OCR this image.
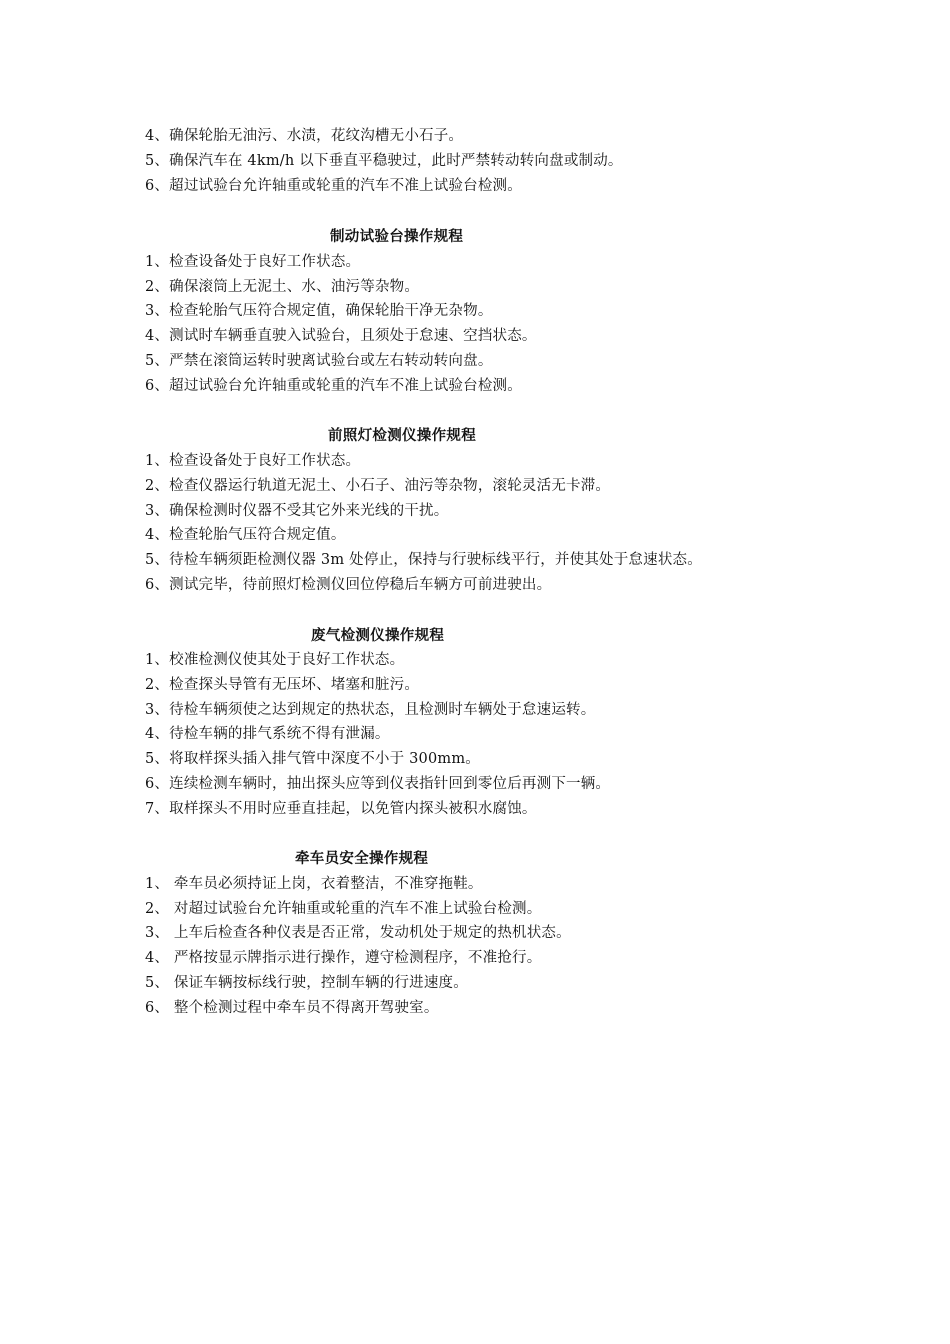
4、确保轮胎无油污、水渍，花纹沟槽无小石子。
5、确保汽车在 4km/h 以下垂直平稳驶过，此时严禁转动转向盘或制动。
6、超过试验台允许轴重或轮重的汽车不准上试验台检测。
制动试验台操作规程
1、检查设备处于良好工作状态。
2、确保滚筒上无泥土、水、油污等杂物。
3、检查轮胎气压符合规定值，确保轮胎干净无杂物。
4、测试时车辆垂直驶入试验台，且须处于怠速、空挡状态。
5、严禁在滚筒运转时驶离试验台或左右转动转向盘。
6、超过试验台允许轴重或轮重的汽车不准上试验台检测。
前照灯检测仪操作规程
1、检查设备处于良好工作状态。
2、检查仪器运行轨道无泥土、小石子、油污等杂物，滚轮灵活无卡滞。
3、确保检测时仪器不受其它外来光线的干扰。
4、检查轮胎气压符合规定值。
5、待检车辆须距检测仪器 3m 处停止，保持与行驶标线平行，并使其处于怠速状态。
6、测试完毕，待前照灯检测仪回位停稳后车辆方可前进驶出。
废气检测仪操作规程
1、校准检测仪使其处于良好工作状态。
2、检查探头导管有无压坏、堵塞和脏污。
3、待检车辆须使之达到规定的热状态，且检测时车辆处于怠速运转。
4、待检车辆的排气系统不得有泄漏。
5、将取样探头插入排气管中深度不小于 300mm。
6、连续检测车辆时，抽出探头应等到仪表指针回到零位后再测下一辆。
7、取样探头不用时应垂直挂起，以免管内探头被积水腐蚀。
牵车员安全操作规程
1、 牵车员必须持证上岗，衣着整洁，不准穿拖鞋。
2、 对超过试验台允许轴重或轮重的汽车不准上试验台检测。
3、 上车后检查各种仪表是否正常，发动机处于规定的热机状态。
4、 严格按显示牌指示进行操作，遵守检测程序，不准抢行。
5、 保证车辆按标线行驶，控制车辆的行进速度。
6、 整个检测过程中牵车员不得离开驾驶室。
